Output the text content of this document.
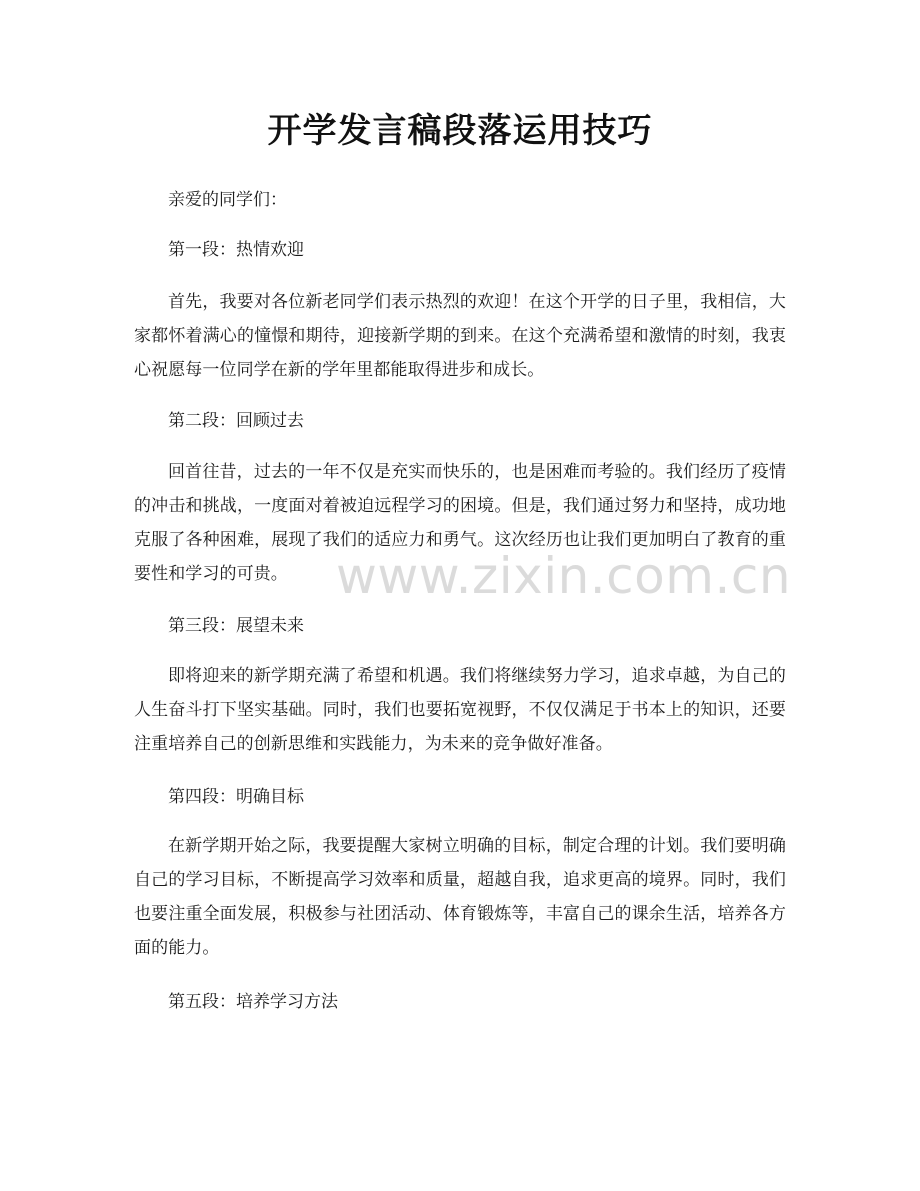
开学发言稿段落运用技巧
亲爱的同学们：
第一段：热情欢迎
首先，我要对各位新老同学们表示热烈的欢迎！在这个开学的日子里，我相信，大家都怀着满心的憧憬和期待，迎接新学期的到来。在这个充满希望和激情的时刻，我衷心祝愿每一位同学在新的学年里都能取得进步和成长。
第二段：回顾过去
回首往昔，过去的一年不仅是充实而快乐的，也是困难而考验的。我们经历了疫情的冲击和挑战，一度面对着被迫远程学习的困境。但是，我们通过努力和坚持，成功地克服了各种困难，展现了我们的适应力和勇气。这次经历也让我们更加明白了教育的重要性和学习的可贵。
第三段：展望未来
即将迎来的新学期充满了希望和机遇。我们将继续努力学习，追求卓越，为自己的人生奋斗打下坚实基础。同时，我们也要拓宽视野，不仅仅满足于书本上的知识，还要注重培养自己的创新思维和实践能力，为未来的竞争做好准备。
第四段：明确目标
在新学期开始之际，我要提醒大家树立明确的目标，制定合理的计划。我们要明确自己的学习目标，不断提高学习效率和质量，超越自我，追求更高的境界。同时，我们也要注重全面发展，积极参与社团活动、体育锻炼等，丰富自己的课余生活，培养各方面的能力。
第五段：培养学习方法
www.zixin.com.cn
